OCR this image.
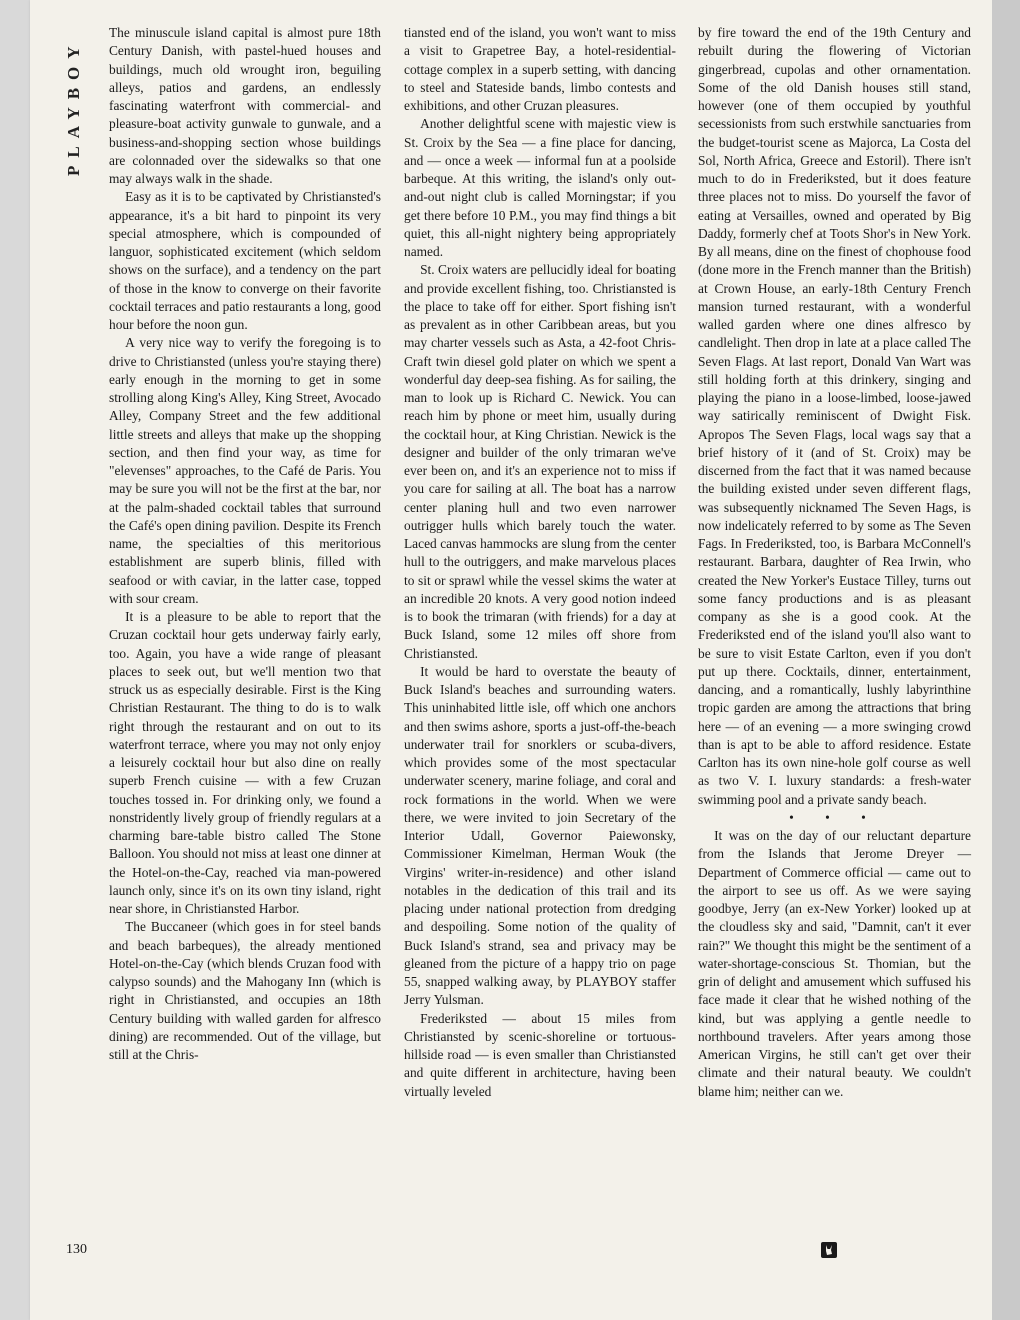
PLAYBOY

The minuscule island capital is almost pure 18th Century Danish, with pastel-hued houses and buildings, much old wrought iron, beguiling alleys, patios and gardens, an endlessly fascinating waterfront with commercial- and pleasure-boat activity gunwale to gunwale, and a business-and-shopping section whose buildings are colonnaded over the sidewalks so that one may always walk in the shade.

Easy as it is to be captivated by Christiansted's appearance, it's a bit hard to pinpoint its very special atmosphere, which is compounded of languor, sophisticated excitement (which seldom shows on the surface), and a tendency on the part of those in the know to converge on their favorite cocktail terraces and patio restaurants a long, good hour before the noon gun.

A very nice way to verify the foregoing is to drive to Christiansted (unless you're staying there) early enough in the morning to get in some strolling along King's Alley, King Street, Avocado Alley, Company Street and the few additional little streets and alleys that make up the shopping section, and then find your way, as time for "elevenses" approaches, to the Café de Paris. You may be sure you will not be the first at the bar, nor at the palm-shaded cocktail tables that surround the Café's open dining pavilion. Despite its French name, the specialties of this meritorious establishment are superb blinis, filled with seafood or with caviar, in the latter case, topped with sour cream.

It is a pleasure to be able to report that the Cruzan cocktail hour gets underway fairly early, too. Again, you have a wide range of pleasant places to seek out, but we'll mention two that struck us as especially desirable. First is the King Christian Restaurant. The thing to do is to walk right through the restaurant and on out to its waterfront terrace, where you may not only enjoy a leisurely cocktail hour but also dine on really superb French cuisine — with a few Cruzan touches tossed in. For drinking only, we found a nonstridently lively group of friendly regulars at a charming bare-table bistro called The Stone Balloon. You should not miss at least one dinner at the Hotel-on-the-Cay, reached via man-powered launch only, since it's on its own tiny island, right near shore, in Christiansted Harbor.

The Buccaneer (which goes in for steel bands and beach barbeques), the already mentioned Hotel-on-the-Cay (which blends Cruzan food with calypso sounds) and the Mahogany Inn (which is right in Christiansted, and occupies an 18th Century building with walled garden for alfresco dining) are recommended. Out of the village, but still at the Chris-

tiansted end of the island, you won't want to miss a visit to Grapetree Bay, a hotel-residential-cottage complex in a superb setting, with dancing to steel and Stateside bands, limbo contests and exhibitions, and other Cruzan pleasures.

Another delightful scene with majestic view is St. Croix by the Sea — a fine place for dancing, and — once a week — informal fun at a poolside barbeque. At this writing, the island's only out-and-out night club is called Morningstar; if you get there before 10 P.M., you may find things a bit quiet, this all-night nightery being appropriately named.

St. Croix waters are pellucidly ideal for boating and provide excellent fishing, too. Christiansted is the place to take off for either. Sport fishing isn't as prevalent as in other Caribbean areas, but you may charter vessels such as Asta, a 42-foot Chris-Craft twin diesel gold plater on which we spent a wonderful day deep-sea fishing. As for sailing, the man to look up is Richard C. Newick. You can reach him by phone or meet him, usually during the cocktail hour, at King Christian. Newick is the designer and builder of the only trimaran we've ever been on, and it's an experience not to miss if you care for sailing at all. The boat has a narrow center planing hull and two even narrower outrigger hulls which barely touch the water. Laced canvas hammocks are slung from the center hull to the outriggers, and make marvelous places to sit or sprawl while the vessel skims the water at an incredible 20 knots. A very good notion indeed is to book the trimaran (with friends) for a day at Buck Island, some 12 miles off shore from Christiansted.

It would be hard to overstate the beauty of Buck Island's beaches and surrounding waters. This uninhabited little isle, off which one anchors and then swims ashore, sports a just-off-the-beach underwater trail for snorklers or scuba-divers, which provides some of the most spectacular underwater scenery, marine foliage, and coral and rock formations in the world. When we were there, we were invited to join Secretary of the Interior Udall, Governor Paiewonsky, Commissioner Kimelman, Herman Wouk (the Virgins' writer-in-residence) and other island notables in the dedication of this trail and its placing under national protection from dredging and despoiling. Some notion of the quality of Buck Island's strand, sea and privacy may be gleaned from the picture of a happy trio on page 55, snapped walking away, by PLAYBOY staffer Jerry Yulsman.

Frederiksted — about 15 miles from Christiansted by scenic-shoreline or tortuous-hillside road — is even smaller than Christiansted and quite different in architecture, having been virtually leveled

by fire toward the end of the 19th Century and rebuilt during the flowering of Victorian gingerbread, cupolas and other ornamentation. Some of the old Danish houses still stand, however (one of them occupied by youthful secessionists from such erstwhile sanctuaries from the budget-tourist scene as Majorca, La Costa del Sol, North Africa, Greece and Estoril). There isn't much to do in Frederiksted, but it does feature three places not to miss. Do yourself the favor of eating at Versailles, owned and operated by Big Daddy, formerly chef at Toots Shor's in New York. By all means, dine on the finest of chophouse food (done more in the French manner than the British) at Crown House, an early-18th Century French mansion turned restaurant, with a wonderful walled garden where one dines alfresco by candlelight. Then drop in late at a place called The Seven Flags. At last report, Donald Van Wart was still holding forth at this drinkery, singing and playing the piano in a loose-limbed, loose-jawed way satirically reminiscent of Dwight Fisk. Apropos The Seven Flags, local wags say that a brief history of it (and of St. Croix) may be discerned from the fact that it was named because the building existed under seven different flags, was subsequently nicknamed The Seven Hags, is now indelicately referred to by some as The Seven Fags. In Frederiksted, too, is Barbara McConnell's restaurant. Barbara, daughter of Rea Irwin, who created the New Yorker's Eustace Tilley, turns out some fancy productions and is as pleasant company as she is a good cook. At the Frederiksted end of the island you'll also want to be sure to visit Estate Carlton, even if you don't put up there. Cocktails, dinner, entertainment, dancing, and a romantically, lushly labyrinthine tropic garden are among the attractions that bring here — of an evening — a more swinging crowd than is apt to be able to afford residence. Estate Carlton has its own nine-hole golf course as well as two V. I. luxury standards: a fresh-water swimming pool and a private sandy beach.

• • •

It was on the day of our reluctant departure from the Islands that Jerome Dreyer — Department of Commerce official — came out to the airport to see us off. As we were saying goodbye, Jerry (an ex-New Yorker) looked up at the cloudless sky and said, "Damnit, can't it ever rain?" We thought this might be the sentiment of a water-shortage-conscious St. Thomian, but the grin of delight and amusement which suffused his face made it clear that he wished nothing of the kind, but was applying a gentle needle to northbound travelers. After years among those American Virgins, he still can't get over their climate and their natural beauty. We couldn't blame him; neither can we.

130
